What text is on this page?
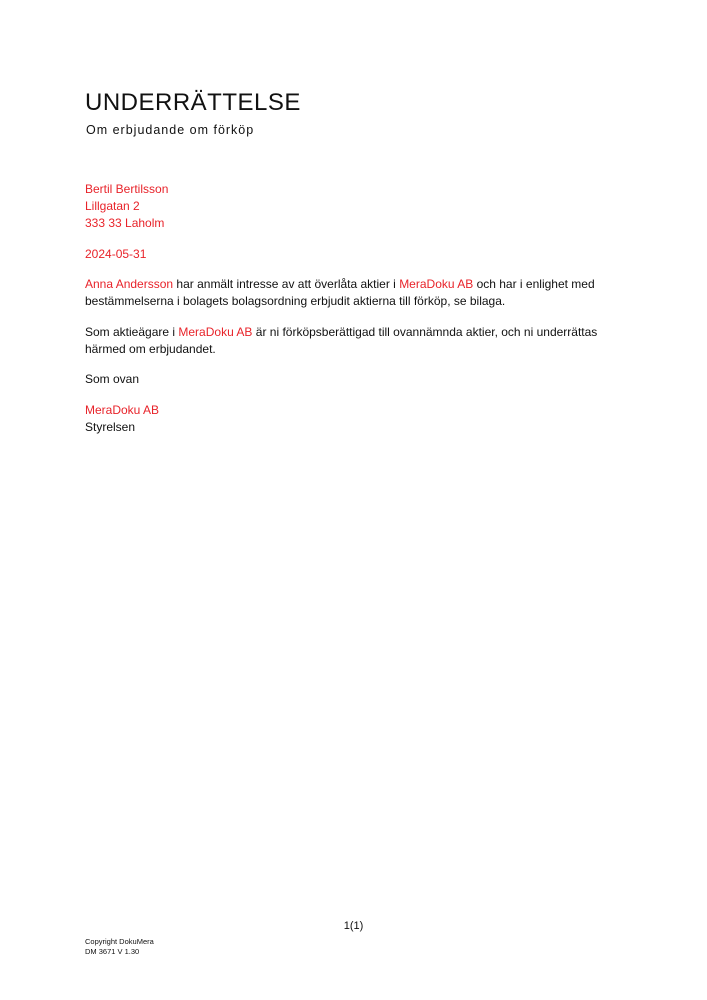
UNDERRÄTTELSE
Om erbjudande om förköp
Bertil Bertilsson
Lillgatan 2
333 33 Laholm
2024-05-31
Anna Andersson har anmält intresse av att överlåta aktier i MeraDoku AB och har i enlighet med bestämmelserna i bolagets bolagsordning erbjudit aktierna till förköp, se bilaga.
Som aktieägare i MeraDoku AB är ni förköpsberättigad till ovannämnda aktier, och ni underrättas härmed om erbjudandet.
Som ovan
MeraDoku AB
Styrelsen
1(1)
Copyright DokuMera
DM 3671 V 1.30
